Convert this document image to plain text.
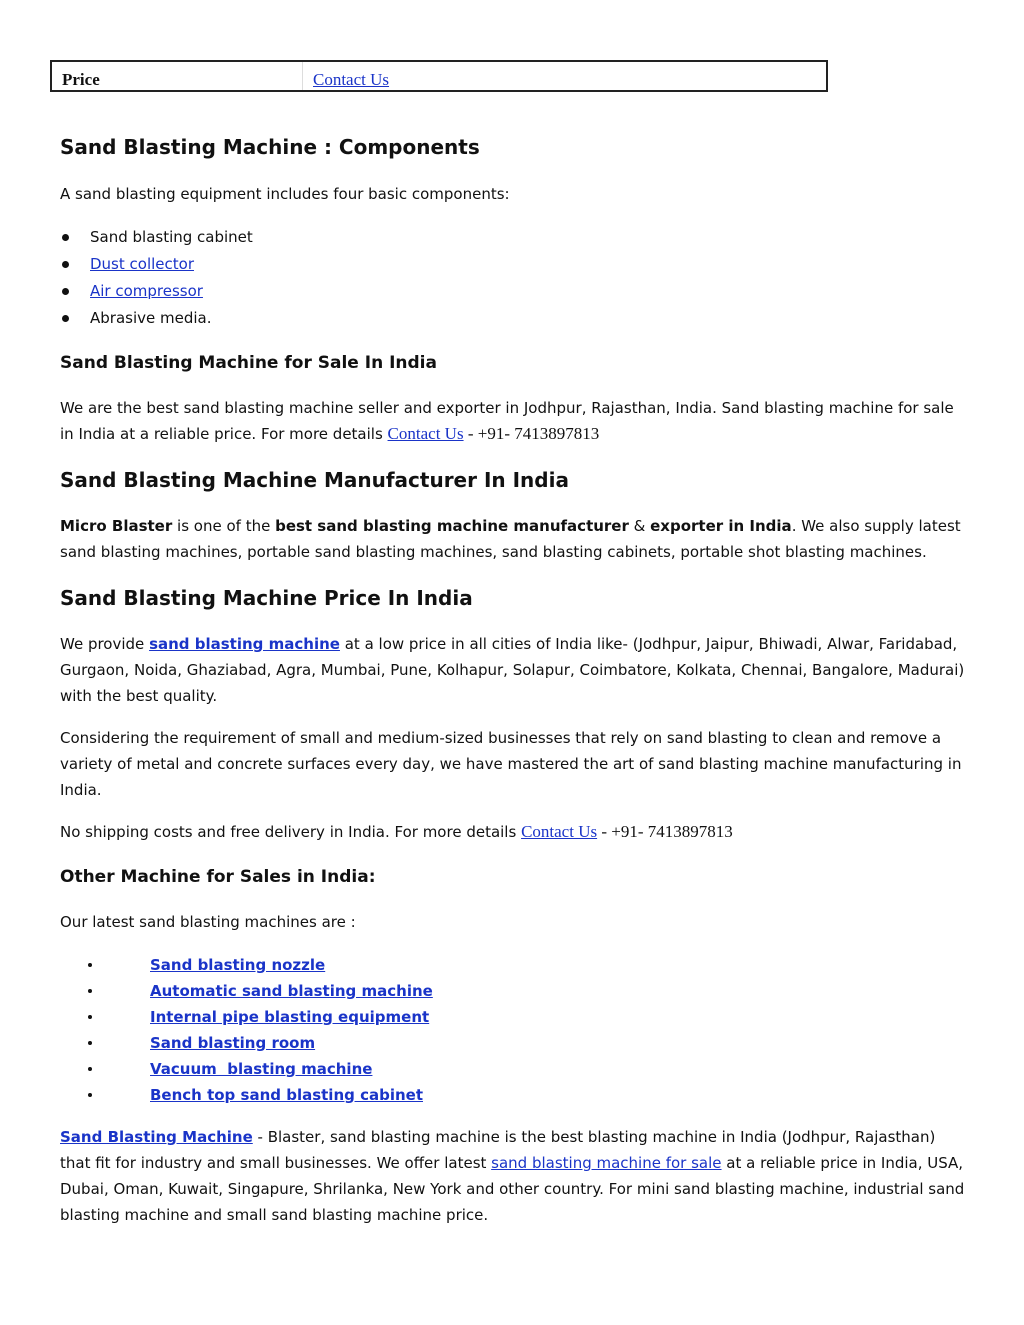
Price	Contact Us
Sand Blasting Machine : Components

A sand blasting equipment includes four basic components:

Sand blasting cabinet
Dust collector
Air compressor
Abrasive media.
Sand Blasting Machine for Sale In India

We are the best sand blasting machine seller and exporter in Jodhpur, Rajasthan, India. Sand blasting machine for sale in India at a reliable price. For more details Contact Us - +91- 7413897813

Sand Blasting Machine Manufacturer In India

Micro Blaster is one of the best sand blasting machine manufacturer & exporter in India. We also supply latest sand blasting machines, portable sand blasting machines, sand blasting cabinets, portable shot blasting machines.

Sand Blasting Machine Price In India

We provide sand blasting machine at a low price in all cities of India like- (Jodhpur, Jaipur, Bhiwadi, Alwar, Faridabad, Gurgaon, Noida, Ghaziabad, Agra, Mumbai, Pune, Kolhapur, Solapur, Coimbatore, Kolkata, Chennai, Bangalore, Madurai) with the best quality.

Considering the requirement of small and medium-sized businesses that rely on sand blasting to clean and remove a variety of metal and concrete surfaces every day, we have mastered the art of sand blasting machine manufacturing in India.

No shipping costs and free delivery in India. For more details Contact Us - +91- 7413897813

Other Machine for Sales in India:

Our latest sand blasting machines are :

Sand blasting nozzle
Automatic sand blasting machine
Internal pipe blasting equipment
Sand blasting room
Vacuum  blasting machine
Bench top sand blasting cabinet

Sand Blasting Machine - Blaster, sand blasting machine is the best blasting machine in India (Jodhpur, Rajasthan) that fit for industry and small businesses. We offer latest sand blasting machine for sale at a reliable price in India, USA, Dubai, Oman, Kuwait, Singapure, Shrilanka, New York and other country. For mini sand blasting machine, industrial sand blasting machine and small sand blasting machine price.
